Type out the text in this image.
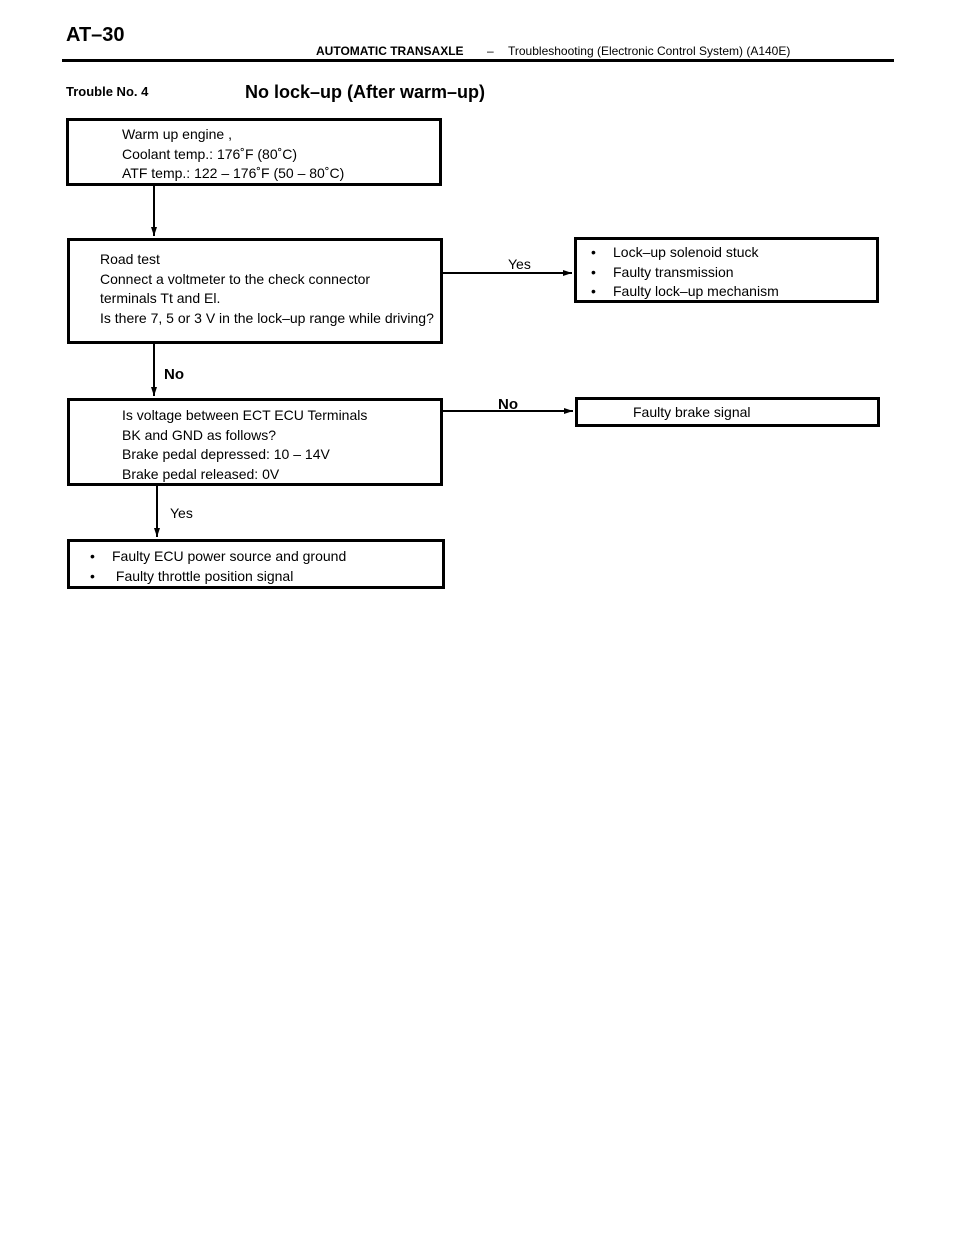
AT–30
AUTOMATIC TRANSAXLE – Troubleshooting (Electronic Control System) (A140E)
Trouble No. 4	No lock–up (After warm–up)
Warm up engine ,
Coolant temp.: 176˚F (80˚C)
ATF temp.: 122 – 176˚F (50 – 80˚C)
Road test
Connect a voltmeter to the check connector
terminals Tt and El.
Is there 7, 5 or 3 V in the lock–up range while driving?
Is voltage between ECT ECU Terminals
BK and GND as follows?
Brake pedal depressed: 10 – 14V
Brake pedal released: 0V
• Faulty ECU power source and ground
• Faulty throttle position signal
• Lock–up solenoid stuck
• Faulty transmission
• Faulty lock–up mechanism
Faulty brake signal
Yes
No
No
Yes
